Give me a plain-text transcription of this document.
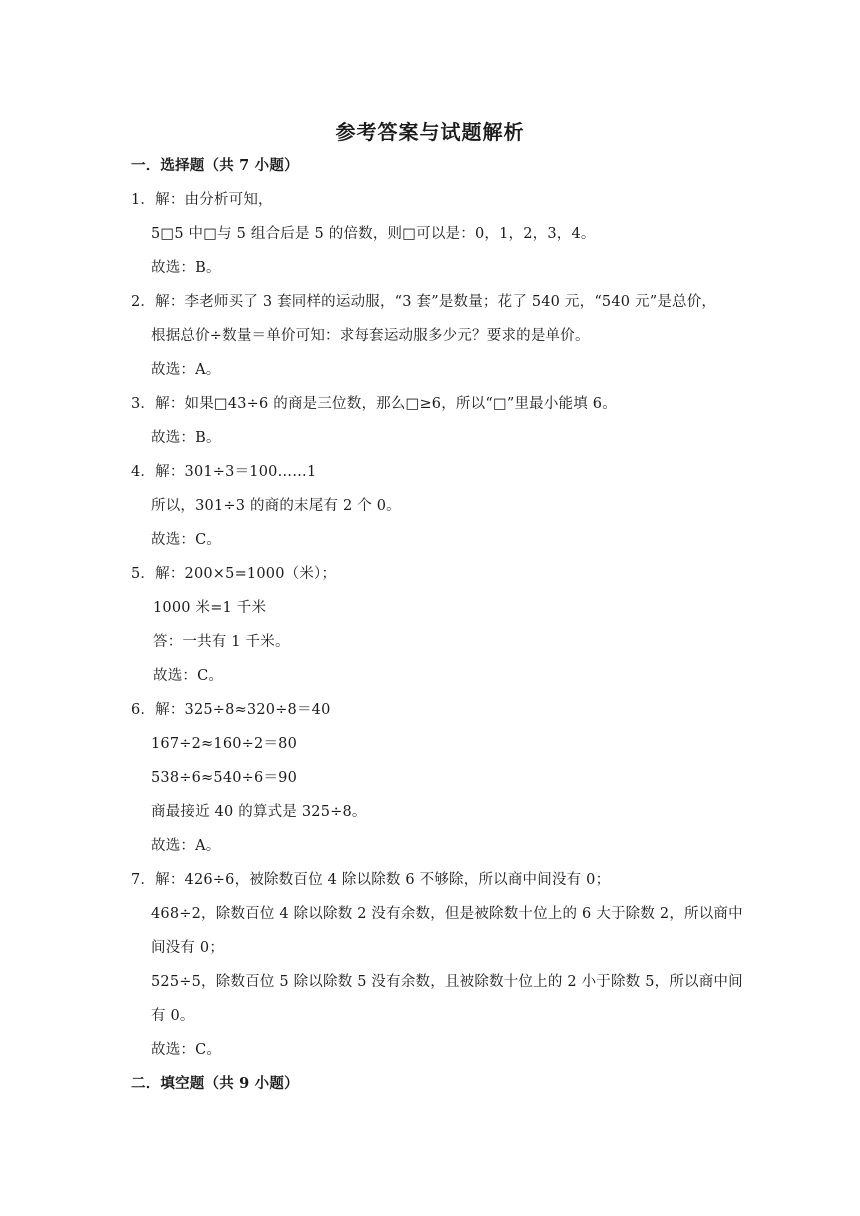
参考答案与试题解析
一．选择题（共 7 小题）
1．解：由分析可知，
5□5 中□与 5 组合后是 5 的倍数，则□可以是：0，1，2，3，4。
故选：B。
2．解：李老师买了 3 套同样的运动服，“3 套”是数量；花了 540 元，“540 元”是总价，
根据总价÷数量＝单价可知：求每套运动服多少元？要求的是单价。
故选：A。
3．解：如果□43÷6 的商是三位数，那么□≥6，所以“□”里最小能填 6。
故选：B。
4．解：301÷3＝100……1
所以，301÷3 的商的末尾有 2 个 0。
故选：C。
5．解：200×5=1000（米）；
1000 米=1 千米
答：一共有 1 千米。
故选：C。
6．解：325÷8≈320÷8＝40
167÷2≈160÷2＝80
538÷6≈540÷6＝90
商最接近 40 的算式是 325÷8。
故选：A。
7．解：426÷6，被除数百位 4 除以除数 6 不够除，所以商中间没有 0；
468÷2，除数百位 4 除以除数 2 没有余数，但是被除数十位上的 6 大于除数 2，所以商中
间没有 0；
525÷5，除数百位 5 除以除数 5 没有余数，且被除数十位上的 2 小于除数 5，所以商中间
有 0。
故选：C。
二．填空题（共 9 小题）
